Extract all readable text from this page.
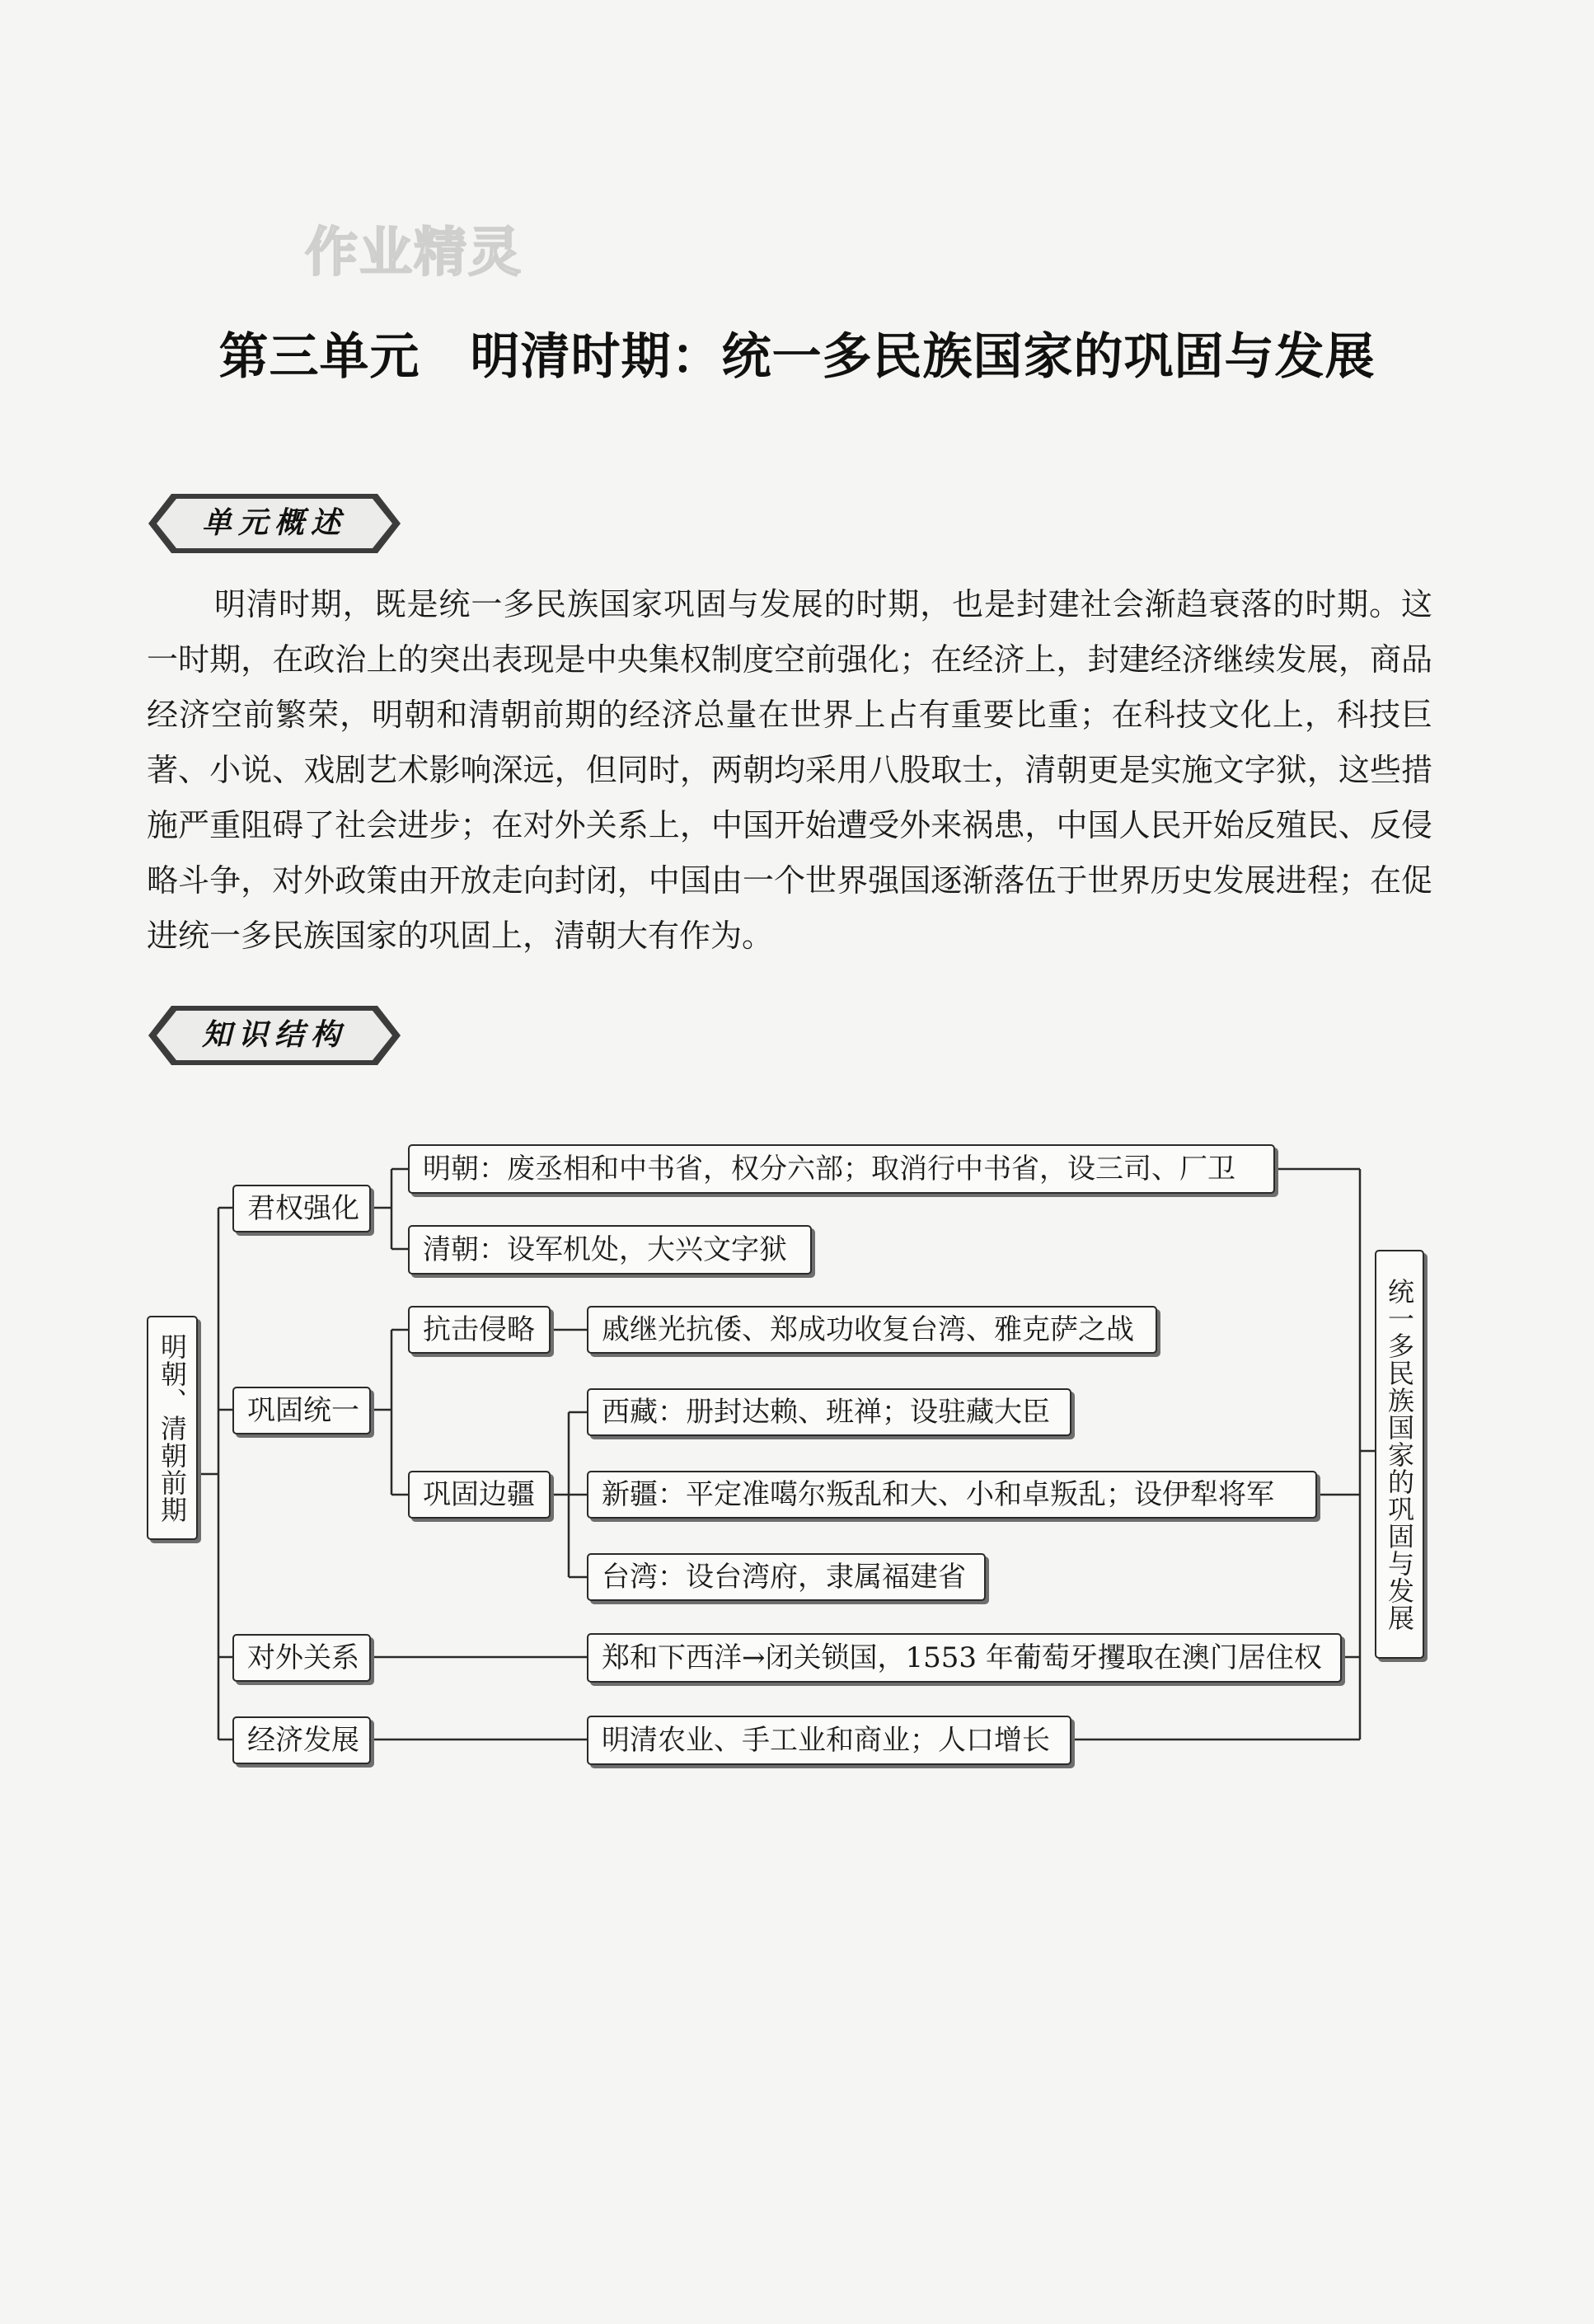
作业精灵
第三单元　明清时期：统一多民族国家的巩固与发展
单元概述
明清时期，既是统一多民族国家巩固与发展的时期，也是封建社会渐趋衰落的时期。这一时期，在政治上的突出表现是中央集权制度空前强化；在经济上，封建经济继续发展，商品经济空前繁荣，明朝和清朝前期的经济总量在世界上占有重要比重；在科技文化上，科技巨著、小说、戏剧艺术影响深远，但同时，两朝均采用八股取士，清朝更是实施文字狱，这些措施严重阻碍了社会进步；在对外关系上，中国开始遭受外来祸患，中国人民开始反殖民、反侵略斗争，对外政策由开放走向封闭，中国由一个世界强国逐渐落伍于世界历史发展进程；在促进统一多民族国家的巩固上，清朝大有作为。
知识结构
明朝、清朝前期	统一多民族国家的巩固与发展
君权强化
巩固统一
对外关系
经济发展
明朝：废丞相和中书省，权分六部；取消行中书省，设三司、厂卫
清朝：设军机处，大兴文字狱
抗击侵略
巩固边疆
戚继光抗倭、郑成功收复台湾、雅克萨之战
西藏：册封达赖、班禅；设驻藏大臣
新疆：平定准噶尔叛乱和大、小和卓叛乱；设伊犁将军
台湾：设台湾府，隶属福建省
郑和下西洋→闭关锁国，1553 年葡萄牙攫取在澳门居住权
明清农业、手工业和商业；人口增长
